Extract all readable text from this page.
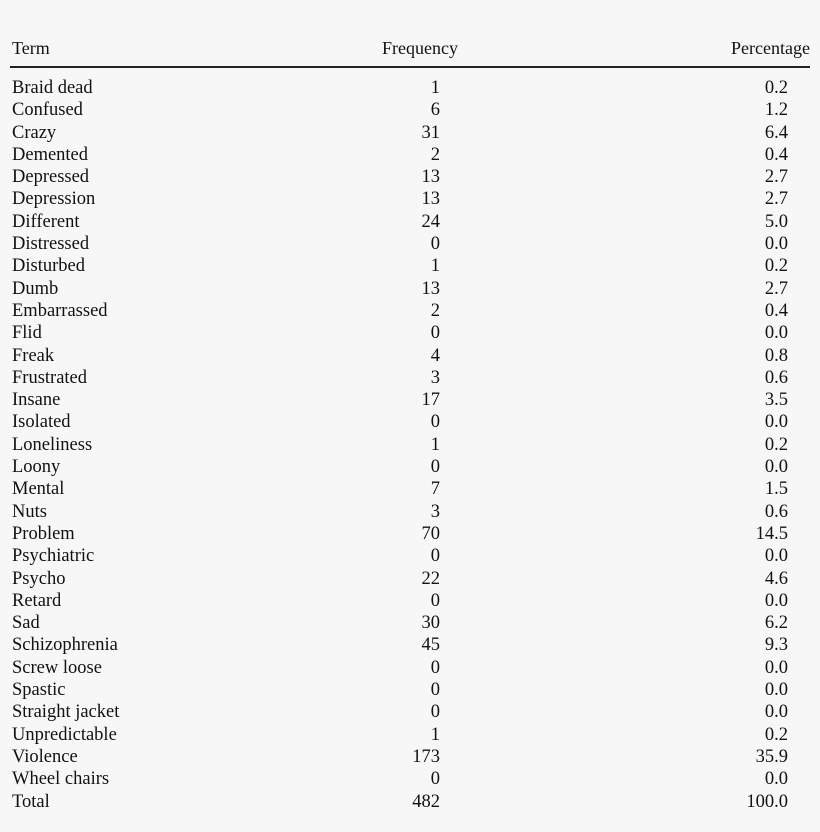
Term	Frequency	Percentage
Braid dead	1	0.2
Confused	6	1.2
Crazy	31	6.4
Demented	2	0.4
Depressed	13	2.7
Depression	13	2.7
Different	24	5.0
Distressed	0	0.0
Disturbed	1	0.2
Dumb	13	2.7
Embarrassed	2	0.4
Flid	0	0.0
Freak	4	0.8
Frustrated	3	0.6
Insane	17	3.5
Isolated	0	0.0
Loneliness	1	0.2
Loony	0	0.0
Mental	7	1.5
Nuts	3	0.6
Problem	70	14.5
Psychiatric	0	0.0
Psycho	22	4.6
Retard	0	0.0
Sad	30	6.2
Schizophrenia	45	9.3
Screw loose	0	0.0
Spastic	0	0.0
Straight jacket	0	0.0
Unpredictable	1	0.2
Violence	173	35.9
Wheel chairs	0	0.0
Total	482	100.0
